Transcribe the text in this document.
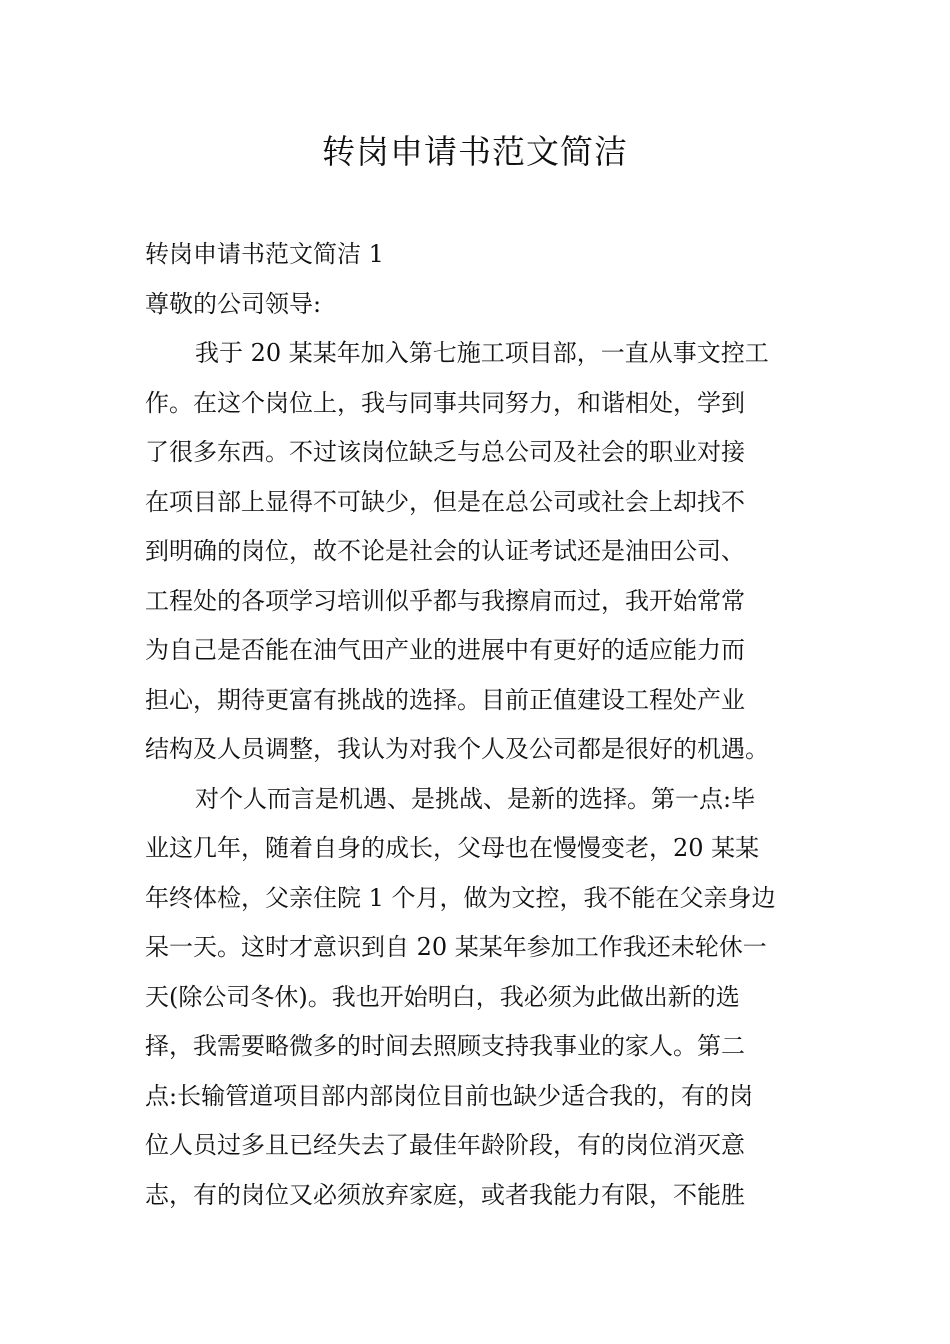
转岗申请书范文简洁
转岗申请书范文简洁 1
尊敬的公司领导:
我于 20 某某年加入第七施工项目部，一直从事文控工
作。在这个岗位上，我与同事共同努力，和谐相处，学到
了很多东西。不过该岗位缺乏与总公司及社会的职业对接
在项目部上显得不可缺少，但是在总公司或社会上却找不
到明确的岗位，故不论是社会的认证考试还是油田公司、
工程处的各项学习培训似乎都与我擦肩而过，我开始常常
为自己是否能在油气田产业的进展中有更好的适应能力而
担心，期待更富有挑战的选择。目前正值建设工程处产业
结构及人员调整，我认为对我个人及公司都是很好的机遇。
对个人而言是机遇、是挑战、是新的选择。第一点:毕
业这几年，随着自身的成长，父母也在慢慢变老，20 某某
年终体检，父亲住院 1 个月，做为文控，我不能在父亲身边
呆一天。这时才意识到自 20 某某年参加工作我还未轮休一
天(除公司冬休)。我也开始明白，我必须为此做出新的选
择，我需要略微多的时间去照顾支持我事业的家人。第二
点:长输管道项目部内部岗位目前也缺少适合我的，有的岗
位人员过多且已经失去了最佳年龄阶段，有的岗位消灭意
志，有的岗位又必须放弃家庭，或者我能力有限，不能胜
